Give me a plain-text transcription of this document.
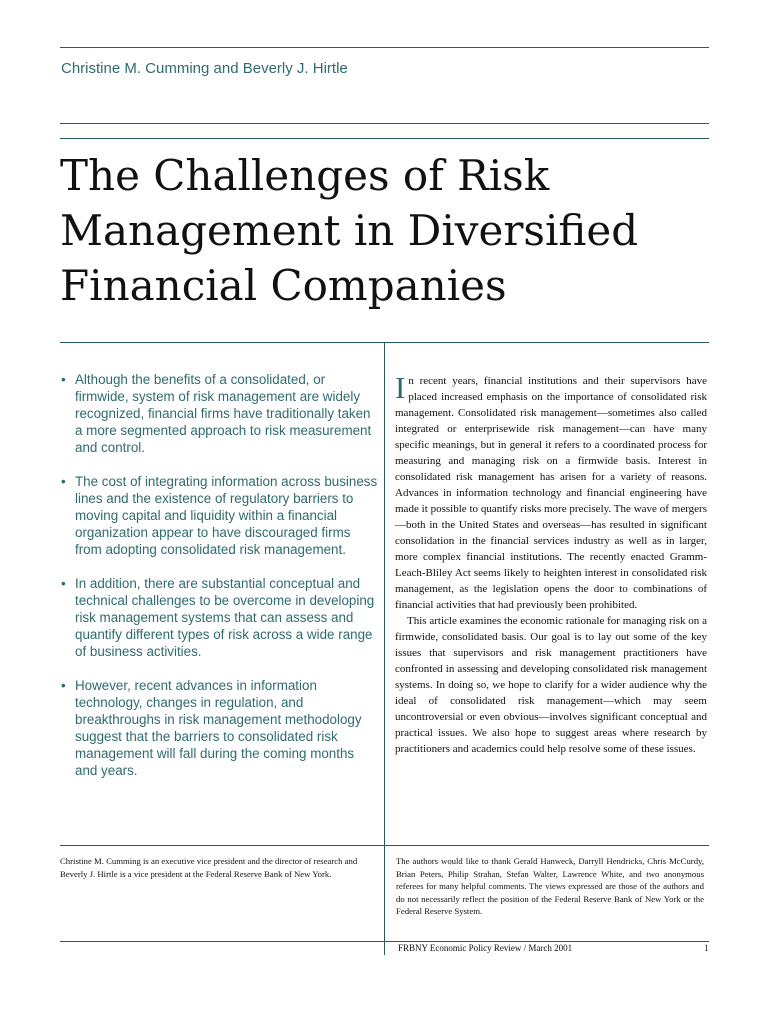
Christine M. Cumming and Beverly J. Hirtle
The Challenges of Risk
Management in Diversified
Financial Companies
• Although the benefits of a consolidated, or firmwide, system of risk management are widely recognized, financial firms have traditionally taken a more segmented approach to risk measurement and control.
• The cost of integrating information across business lines and the existence of regulatory barriers to moving capital and liquidity within a financial organization appear to have discouraged firms from adopting consolidated risk management.
• In addition, there are substantial conceptual and technical challenges to be overcome in developing risk management systems that can assess and quantify different types of risk across a wide range of business activities.
• However, recent advances in information technology, changes in regulation, and breakthroughs in risk management methodology suggest that the barriers to consolidated risk management will fall during the coming months and years.

In recent years, financial institutions and their supervisors have placed increased emphasis on the importance of consolidated risk management. Consolidated risk management—sometimes also called integrated or enterprisewide risk management—can have many specific meanings, but in general it refers to a coordinated process for measuring and managing risk on a firmwide basis. Interest in consolidated risk management has arisen for a variety of reasons. Advances in information technology and financial engineering have made it possible to quantify risks more precisely. The wave of mergers—both in the United States and overseas—has resulted in significant consolidation in the financial services industry as well as in larger, more complex financial institutions. The recently enacted Gramm-Leach-Bliley Act seems likely to heighten interest in consolidated risk management, as the legislation opens the door to combinations of financial activities that had previously been prohibited.

This article examines the economic rationale for managing risk on a firmwide, consolidated basis. Our goal is to lay out some of the key issues that supervisors and risk management practitioners have confronted in assessing and developing consolidated risk management systems. In doing so, we hope to clarify for a wider audience why the ideal of consolidated risk management—which may seem uncontroversial or even obvious—involves significant conceptual and practical issues. We also hope to suggest areas where research by practitioners and academics could help resolve some of these issues.

Christine M. Cumming is an executive vice president and the director of research and Beverly J. Hirtle is a vice president at the Federal Reserve Bank of New York.
The authors would like to thank Gerald Hanweck, Darryll Hendricks, Chris McCurdy, Brian Peters, Philip Strahan, Stefan Walter, Lawrence White, and two anonymous referees for many helpful comments. The views expressed are those of the authors and do not necessarily reflect the position of the Federal Reserve Bank of New York or the Federal Reserve System.
FRBNY Economic Policy Review / March 2001	1
